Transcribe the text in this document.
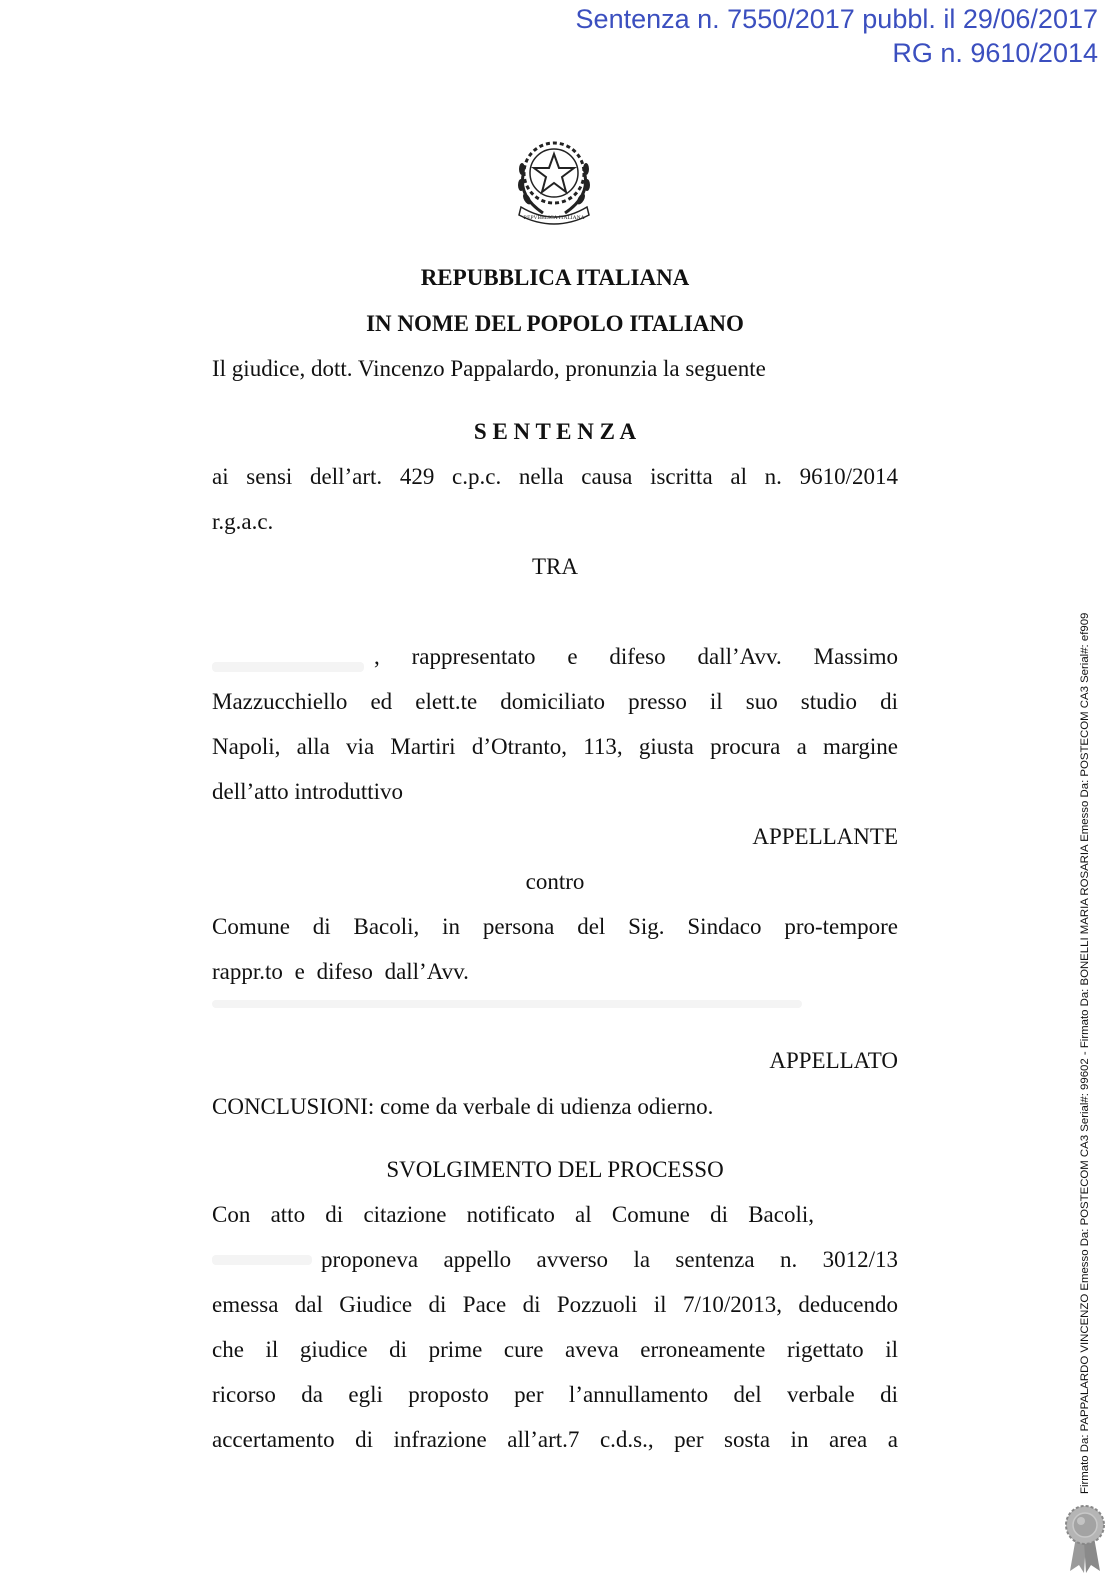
Sentenza n. 7550/2017 pubbl. il 29/06/2017
RG n. 9610/2014
REPVBBLICA ITALIANA
REPUBBLICA ITALIANA
IN NOME DEL POPOLO ITALIANO
Il giudice, dott. Vincenzo Pappalardo, pronunzia la seguente
S E N T E N Z A
ai sensi dell’art. 429 c.p.c. nella causa iscritta al n. 9610/2014
r.g.a.c.
TRA
, rappresentato e difeso dall’Avv. Massimo
Mazzucchiello ed elett.te domiciliato presso il suo studio di
Napoli, alla via Martiri d’Otranto, 113, giusta procura a margine
dell’atto introduttivo
APPELLANTE
contro
Comune di Bacoli, in persona del Sig. Sindaco pro-tempore
rappr.to e difeso dall’Avv.
APPELLATO
CONCLUSIONI: come da verbale di udienza odierno.
SVOLGIMENTO DEL PROCESSO
Con atto di citazione notificato al Comune di Bacoli,
proponeva appello avverso la sentenza n. 3012/13
emessa dal Giudice di Pace di Pozzuoli il 7/10/2013, deducendo
che il giudice di prime cure aveva erroneamente rigettato il
ricorso da egli proposto per l’annullamento del verbale di
accertamento di infrazione all’art.7 c.d.s., per sosta in area a	Firmato Da: PAPPALARDO VINCENZO Emesso Da: POSTECOM CA3 Serial#: 99602 - Firmato Da: BONELLI MARIA ROSARIA Emesso Da: POSTECOM CA3 Serial#: ef909
